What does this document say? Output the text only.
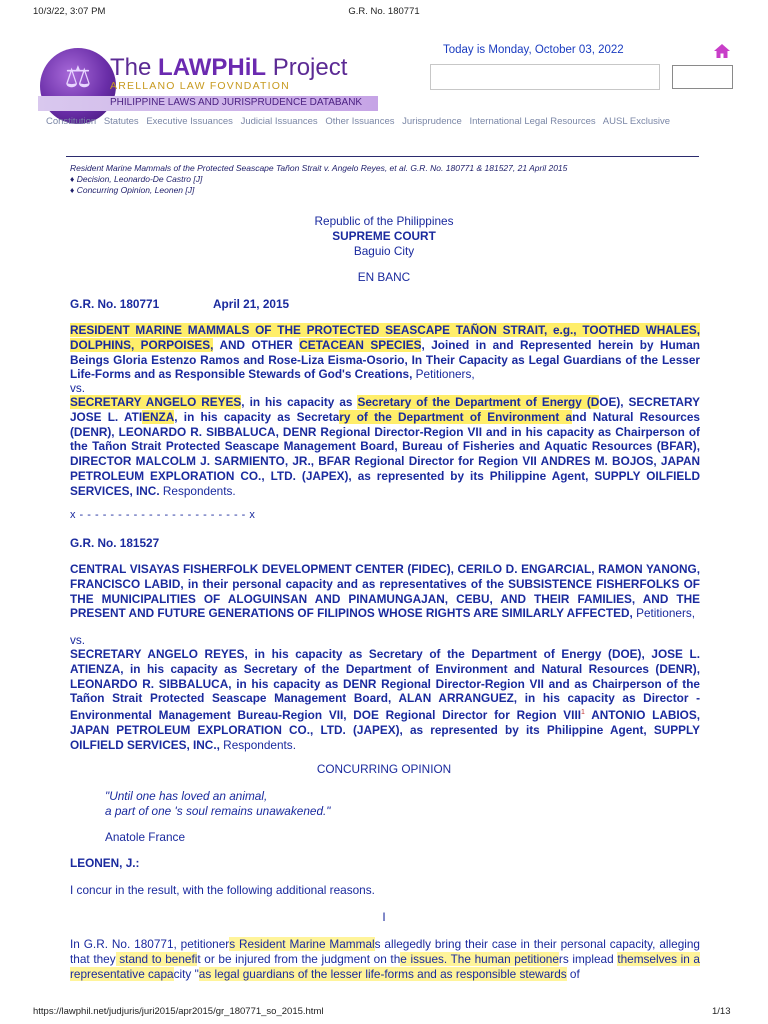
10/3/22, 3:07 PM	G.R. No. 180771
⚖ The LAWPHiL Project
ARELLANO LAW FOVNDATION
PHILIPPINE LAWS AND JURISPRUDENCE DATABANK
Today is Monday, October 03, 2022
Constitution Statutes Executive Issuances Judicial Issuances Other Issuances Jurisprudence International Legal Resources AUSL Exclusive
Resident Marine Mammals of the Protected Seascape Tañon Strait v. Angelo Reyes, et al. G.R. No. 180771 & 181527, 21 April 2015
♦ Decision, Leonardo-De Castro [J]
♦ Concurring Opinion, Leonen [J]
Republic of the Philippines
SUPREME COURT
Baguio City
EN BANC
G.R. No. 180771	April 21, 2015
RESIDENT MARINE MAMMALS OF THE PROTECTED SEASCAPE TAÑON STRAIT, e.g., TOOTHED WHALES, DOLPHINS, PORPOISES, AND OTHER CETACEAN SPECIES, Joined in and Represented herein by Human Beings Gloria Estenzo Ramos and Rose-Liza Eisma-Osorio, In Their Capacity as Legal Guardians of the Lesser Life-Forms and as Responsible Stewards of God's Creations, Petitioners,
vs.
SECRETARY ANGELO REYES, in his capacity as Secretary of the Department of Energy (DOE), SECRETARY JOSE L. ATIENZA, in his capacity as Secretary of the Department of Environment and Natural Resources (DENR), LEONARDO R. SIBBALUCA, DENR Regional Director-Region VII and in his capacity as Chairperson of the Tañon Strait Protected Seascape Management Board, Bureau of Fisheries and Aquatic Resources (BFAR), DIRECTOR MALCOLM J. SARMIENTO, JR., BFAR Regional Director for Region VII ANDRES M. BOJOS, JAPAN PETROLEUM EXPLORATION CO., LTD. (JAPEX), as represented by its Philippine Agent, SUPPLY OILFIELD SERVICES, INC. Respondents.
x - - - - - - - - - - - - - - - - - - - - - - x
G.R. No. 181527
CENTRAL VISAYAS FISHERFOLK DEVELOPMENT CENTER (FIDEC), CERILO D. ENGARCIAL, RAMON YANONG, FRANCISCO LABID, in their personal capacity and as representatives of the SUBSISTENCE FISHERFOLKS OF THE MUNICIPALITIES OF ALOGUINSAN AND PINAMUNGAJAN, CEBU, AND THEIR FAMILIES, AND THE PRESENT AND FUTURE GENERATIONS OF FILIPINOS WHOSE RIGHTS ARE SIMILARLY AFFECTED, Petitioners,
vs.
SECRETARY ANGELO REYES, in his capacity as Secretary of the Department of Energy (DOE), JOSE L. ATIENZA, in his capacity as Secretary of the Department of Environment and Natural Resources (DENR), LEONARDO R. SIBBALUCA, in his capacity as DENR Regional Director-Region VII and as Chairperson of the Tañon Strait Protected Seascape Management Board, ALAN ARRANGUEZ, in his capacity as Director - Environmental Management Bureau-Region VII, DOE Regional Director for Region VIII$^1$ ANTONIO LABIOS, JAPAN PETROLEUM EXPLORATION CO., LTD. (JAPEX), as represented by its Philippine Agent, SUPPLY OILFIELD SERVICES, INC., Respondents.
CONCURRING OPINION
"Until one has loved an animal,
a part of one 's soul remains unawakened."
Anatole France
LEONEN, J.:
I concur in the result, with the following additional reasons.
I
In G.R. No. 180771, petitioners Resident Marine Mammals allegedly bring their case in their personal capacity, alleging that they stand to benefit or be injured from the judgment on the issues. The human petitioners implead themselves in a representative capacity "as legal guardians of the lesser life-forms and as responsible stewards of
https://lawphil.net/judjuris/juri2015/apr2015/gr_180771_so_2015.html	1/13
